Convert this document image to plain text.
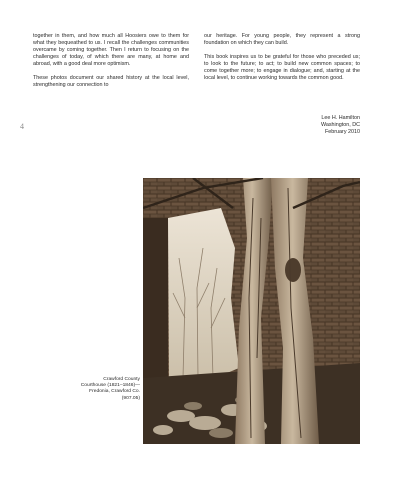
together in them, and how much all Hoosiers owe to them for what they bequeathed to us. I recall the challenges communities overcame by coming together. Then I return to focusing on the challenges of today, of which there are many, at home and abroad, with a good deal more optimism.

These photos document our shared history at the local level, strengthening our connection to

our heritage. For young people, they represent a strong foundation on which they can build.

This book inspires us to be grateful for those who preceded us; to look to the future; to act; to build new common spaces; to come together more; to engage in dialogue; and, starting at the local level, to continue working towards the common good.

Lee H. Hamilton
Washington, DC
February 2010
4
Crawford County
Courthouse (1821–1846)—
Fredonia, Crawford Co.
(907.05)
